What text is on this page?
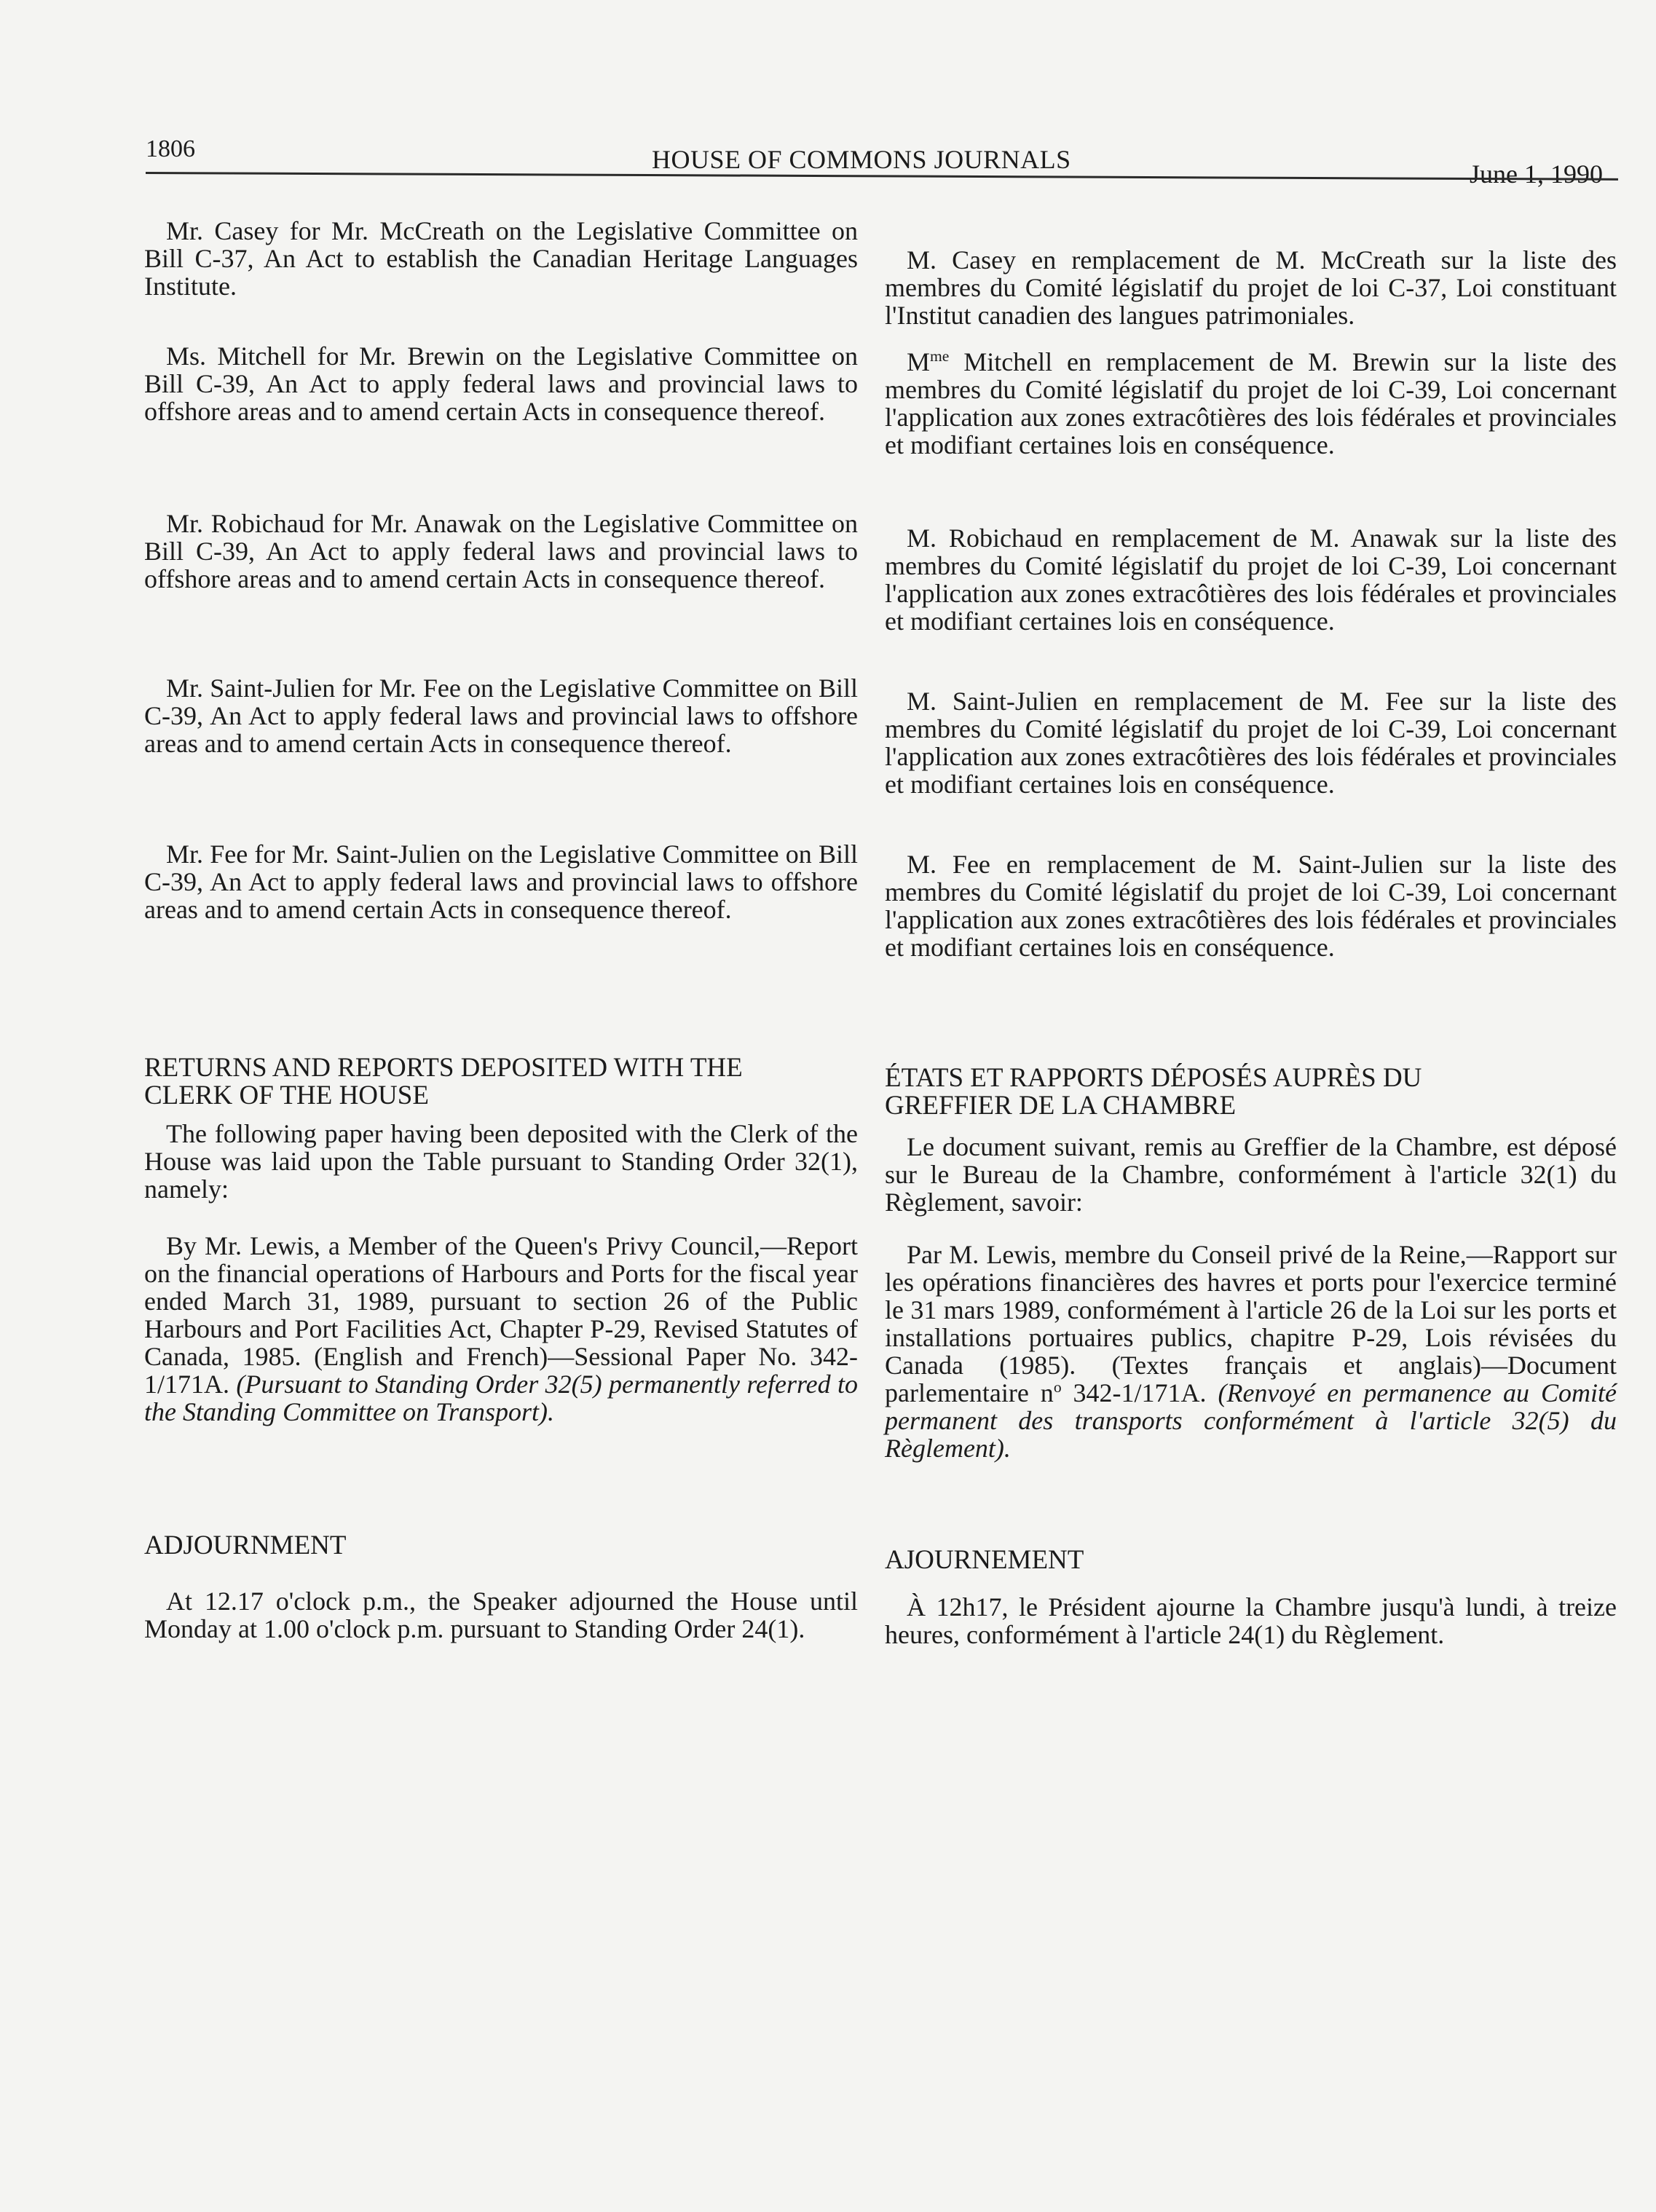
1806	HOUSE OF COMMONS JOURNALS	June 1, 1990

Mr. Casey for Mr. McCreath on the Legislative Committee on Bill C-37, An Act to establish the Canadian Heritage Languages Institute.

Ms. Mitchell for Mr. Brewin on the Legislative Committee on Bill C-39, An Act to apply federal laws and provincial laws to offshore areas and to amend certain Acts in consequence thereof.

Mr. Robichaud for Mr. Anawak on the Legislative Committee on Bill C-39, An Act to apply federal laws and provincial laws to offshore areas and to amend certain Acts in consequence thereof.

Mr. Saint-Julien for Mr. Fee on the Legislative Committee on Bill C-39, An Act to apply federal laws and provincial laws to offshore areas and to amend certain Acts in consequence thereof.

Mr. Fee for Mr. Saint-Julien on the Legislative Committee on Bill C-39, An Act to apply federal laws and provincial laws to offshore areas and to amend certain Acts in consequence thereof.

RETURNS AND REPORTS DEPOSITED WITH THE
CLERK OF THE HOUSE

The following paper having been deposited with the Clerk of the House was laid upon the Table pursuant to Standing Order 32(1), namely:

By Mr. Lewis, a Member of the Queen's Privy Council,—Report on the financial operations of Harbours and Ports for the fiscal year ended March 31, 1989, pursuant to section 26 of the Public Harbours and Port Facilities Act, Chapter P-29, Revised Statutes of Canada, 1985. (English and French)—Sessional Paper No. 342-1/171A. (Pursuant to Standing Order 32(5) permanently referred to the Standing Committee on Transport).

ADJOURNMENT

At 12.17 o'clock p.m., the Speaker adjourned the House until Monday at 1.00 o'clock p.m. pursuant to Standing Order 24(1).

M. Casey en remplacement de M. McCreath sur la liste des membres du Comité législatif du projet de loi C-37, Loi constituant l'Institut canadien des langues patrimoniales.

$M^{me}$ Mitchell en remplacement de M. Brewin sur la liste des membres du Comité législatif du projet de loi C-39, Loi concernant l'application aux zones extracôtières des lois fédérales et provinciales et modifiant certaines lois en conséquence.

M. Robichaud en remplacement de M. Anawak sur la liste des membres du Comité législatif du projet de loi C-39, Loi concernant l'application aux zones extracôtières des lois fédérales et provinciales et modifiant certaines lois en conséquence.

M. Saint-Julien en remplacement de M. Fee sur la liste des membres du Comité législatif du projet de loi C-39, Loi concernant l'application aux zones extracôtières des lois fédérales et provinciales et modifiant certaines lois en conséquence.

M. Fee en remplacement de M. Saint-Julien sur la liste des membres du Comité législatif du projet de loi C-39, Loi concernant l'application aux zones extracôtières des lois fédérales et provinciales et modifiant certaines lois en conséquence.

ÉTATS ET RAPPORTS DÉPOSÉS AUPRÈS DU
GREFFIER DE LA CHAMBRE

Le document suivant, remis au Greffier de la Chambre, est déposé sur le Bureau de la Chambre, conformément à l'article 32(1) du Règlement, savoir:

Par M. Lewis, membre du Conseil privé de la Reine,—Rapport sur les opérations financières des havres et ports pour l'exercice terminé le 31 mars 1989, conformément à l'article 26 de la Loi sur les ports et installations portuaires publics, chapitre P-29, Lois révisées du Canada (1985). (Textes français et anglais)—Document parlementaire $n^o$ 342-1/171A. (Renvoyé en permanence au Comité permanent des transports conformément à l'article 32(5) du Règlement).

AJOURNEMENT

À 12h17, le Président ajourne la Chambre jusqu'à lundi, à treize heures, conformément à l'article 24(1) du Règlement.
